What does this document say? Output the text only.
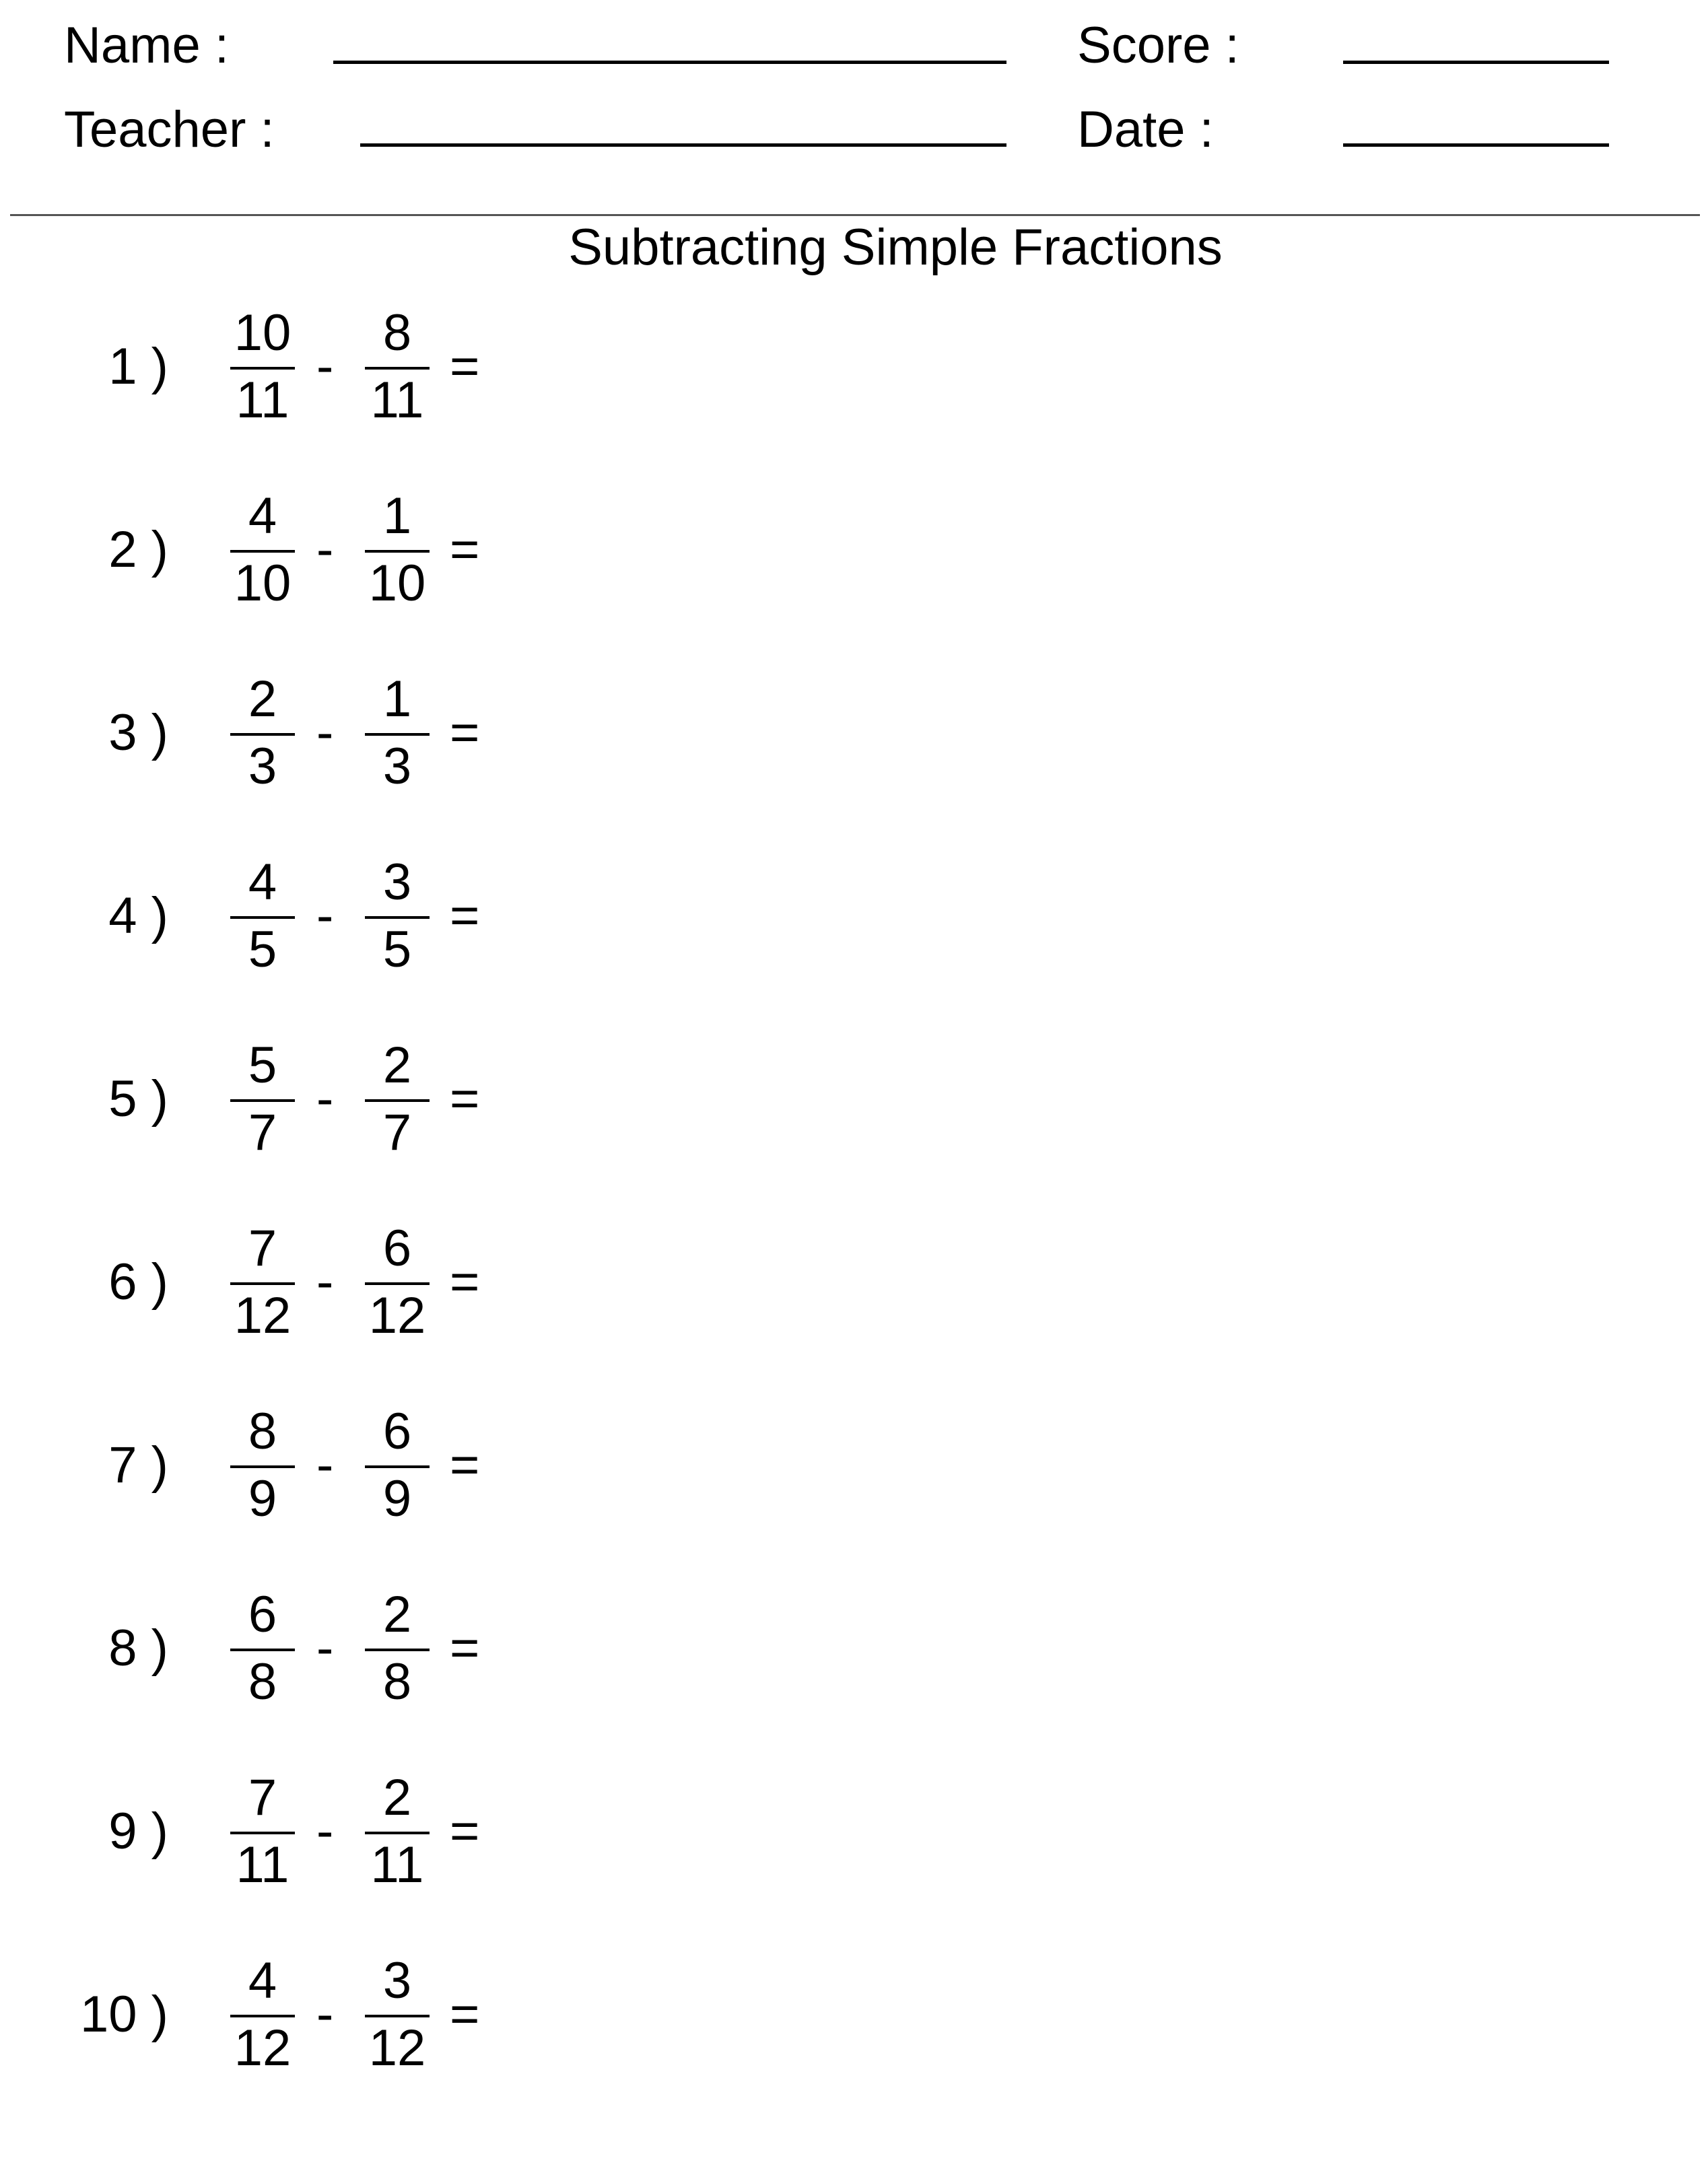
Name :	Score :
Teacher :	Date :
Subtracting Simple Fractions
1 )
10
11
-
8
11
=
2 )
4
10
-
1
10
=
3 )
2
3
-
1
3
=
4 )
4
5
-
3
5
=
5 )
5
7
-
2
7
=
6 )
7
12
-
6
12
=
7 )
8
9
-
6
9
=
8 )
6
8
-
2
8
=
9 )
7
11
-
2
11
=
10 )
4
12
-
3
12
=
